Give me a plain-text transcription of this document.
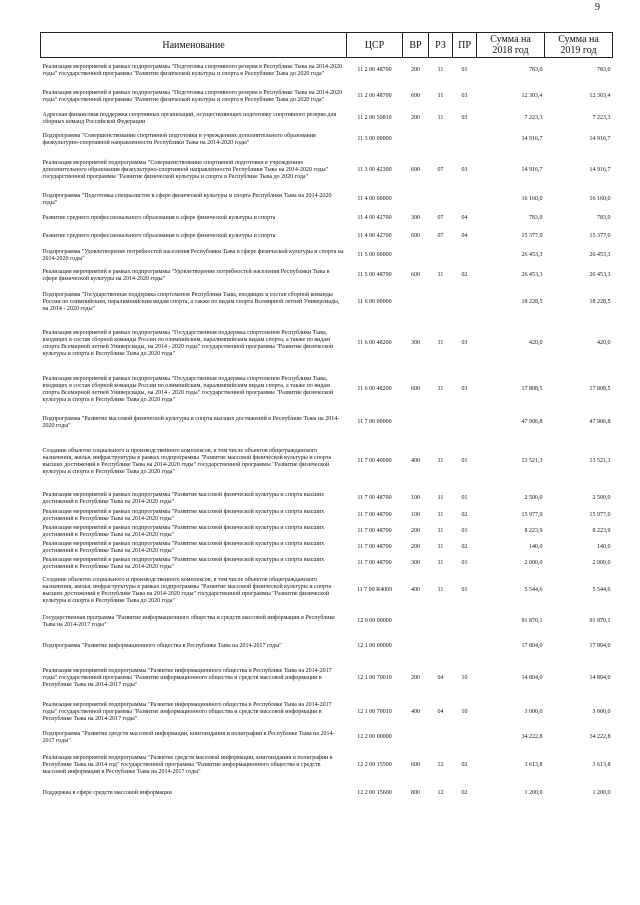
9
Наименование	ЦСР	ВР	РЗ	ПР	Сумма на 2018 год	Сумма на 2019 год
Реализация мероприятий в рамках подпрограммы "Подготовка спортивного резерва в Республике Тыва на 2014-2020 годы" государственной программы "Развитие физической культуры и спорта в Республике Тыва до 2020 года"	11 2 00 48700	200	11	01	783,0	783,0
Реализация мероприятий в рамках подпрограммы "Подготовка спортивного резерва в Республике Тыва на 2014-2020 годы" государственной программы "Развитие физической культуры и спорта в Республике Тыва до 2020 года"	11 2 00 48700	600	11	03	12 303,4	12 303,4
Адресная финансовая поддержка спортивных организаций, осуществляющих подготовку спортивного резерва для сборных команд Российской Федерации	11 2 00 50810	200	11	03	7 223,3	7 223,3
Подпрограмма "Совершенствование спортивной подготовки в учреждениях дополнительного образования физкультурно-спортивной направленности Республики Тыва на 2014-2020 годы"	11 3 00 00000				14 916,7	14 916,7
Реализация мероприятий подпрограммы "Совершенствование спортивной подготовки в учреждениях дополнительного образования физкультурно-спортивной направленности Республики Тыва на 2014-2020 годы" государственной программы "Развитие физической культуры и спорта в Республике Тыва до 2020 года"	11 3 00 42300	600	07	03	14 916,7	14 916,7
Подпрограмма "Подготовка специалистов в сфере физической культуры и спорта Республики Тыва на 2014-2020 годы"	11 4 00 00000				16 160,0	16 160,0
Развитие среднего профессионального образования в сфере физической культуры и спорта	11 4 00 42700	300	07	04	783,0	783,0
Развитие среднего профессионального образования в сфере физической культуры и спорта	11 4 00 42700	600	07	04	15 377,0	15 377,0
Подпрограмма "Удовлетворение потребностей населения Республики Тыва в сфере физической культуры и спорта на 2014-2020 годы"	11 5 00 00000				26 453,3	26 453,3
Реализация мероприятий в рамках подпрограммы "Удовлетворение потребностей населения Республики Тыва в сфере физической культуры на 2014-2020 годы"	11 5 00 48790	600	11	02	26 453,3	26 453,3
Подпрограмма "Государственная поддержка спортсменов Республики Тыва, входящих в состав сборной команды России по олимпийским, паралимпийским видам спорта, а также по видам спорта Всемирной летней Универсиады, на 2014 - 2020 годы"	11 6 00 00000				18 228,5	18 228,5
Реализация мероприятий в рамках подпрограммы "Государственная поддержка спортсменов Республики Тыва, входящих в состав сборной команды России по олимпийским, паралимпийским видам спорта, а также по видам спорта Всемирной летней Универсиады, на 2014 - 2020 годы" государственной программы "Развитие физической культуры и спорта в Республике Тыва до 2020 года"	11 6 00 48200	300	11	03	420,0	420,0
Реализация мероприятий в рамках подпрограммы "Государственная поддержка спортсменов Республики Тыва, входящих в состав сборной команды России по олимпийским, паралимпийским видам спорта, а также по видам спорта Всемирной летней Универсиады, на 2014 - 2020 годы" государственной программы "Развитие физической культуры и спорта в Республике Тыва до 2020 года"	11 6 00 48200	600	11	03	17 808,5	17 808,5
Подпрограмма "Развитие массовой физической культуры и спорта высших достижений в Республике Тыва на 2014-2020 годы"	11 7 00 00000				47 906,8	47 906,8
Создание объектов социального и производственного комплексов, в том числе объектов общегражданского назначения, жилья, инфраструктуры в рамках подпрограммы "Развитие массовой физической культуры и спорта высших достижений в Республике Тыва на 2014-2020 годы" государственной программы "Развитие физической культуры и спорта в Республике Тыва до 2020 года"	11 7 00 40090	400	11	01	13 521,3	13 521,3
Реализация мероприятий в рамках подпрограммы "Развитие массовой физической культуры и спорта высших достижений в Республике Тыва на 2014-2020 годы"	11 7 00 48700	100	11	01	2 500,0	2 500,0
Реализация мероприятий в рамках подпрограммы "Развитие массовой физической культуры и спорта высших достижений в Республике Тыва на 2014-2020 годы"	11 7 00 48700	100	11	02	15 977,0	15 977,0
Реализация мероприятий в рамках подпрограммы "Развитие массовой физической культуры и спорта высших достижений в Республике Тыва на 2014-2020 годы"	11 7 00 48700	200	11	01	8 223,9	8 223,9
Реализация мероприятий в рамках подпрограммы "Развитие массовой физической культуры и спорта высших достижений в Республике Тыва на 2014-2020 годы"	11 7 00 48700	200	11	02	140,0	140,0
Реализация мероприятий в рамках подпрограммы "Развитие массовой физической культуры и спорта высших достижений в Республике Тыва на 2014-2020 годы"	11 7 00 48700	300	11	01	2 000,0	2 000,0
Создание объектов социального и производственного комплексов, в том числе объектов общегражданского назначения, жилья, инфраструктуры в рамках подпрограммы "Развитие массовой физической культуры и спорта высших достижений в Республике Тыва на 2014-2020 годы" государственной программы "Развитие физической культуры и спорта в Республике Тыва до 2020 года"	11 7 00 R4009	400	11	01	5 544,6	5 544,6
Государственная программа "Развитие информационного общества и средств массовой информации в Республике Тыва на 2014-2017 годы"	12 0 00 00000				91 870,1	91 870,1
Подпрограмма "Развитие информационного общества в Республике Тыва на 2014-2017 годы"	12 1 00 00000				17 804,0	17 804,0
Реализация мероприятий подпрограммы "Развитие информационного общества в Республике Тыва на 2014-2017 годы" государственной программы "Развитие информационного общества и средств массовой информации в Республике Тыва на 2014-2017 годы"	12 1 00 70010	200	04	10	14 804,0	14 804,0
Реализация мероприятий подпрограммы "Развитие информационного общества в Республике Тыва на 2014-2017 годы" государственной программы "Развитие информационного общества и средств массовой информации в Республике Тыва на 2014-2017 годы"	12 1 00 70010	400	04	10	3 000,0	3 000,0
Подпрограмма "Развитие средств массовой информации, книгоиздания и полиграфии в Республике Тыва на 2014-2017 годы"	12 2 00 00000				34 222,8	34 222,8
Реализация мероприятий подпрограммы "Развитие средств массовой информации, книгоиздания и полиграфии в Республике Тыва на 2014 год" государственной программы "Развитие информационного общества и средств массовой информации в Республике Тыва на 2014-2017 годы"	12 2 00 15500	600	12	02	3 613,8	3 613,8
Поддержка в сфере средств массовой информации	12 2 00 15600	800	12	02	1 200,0	1 200,0
